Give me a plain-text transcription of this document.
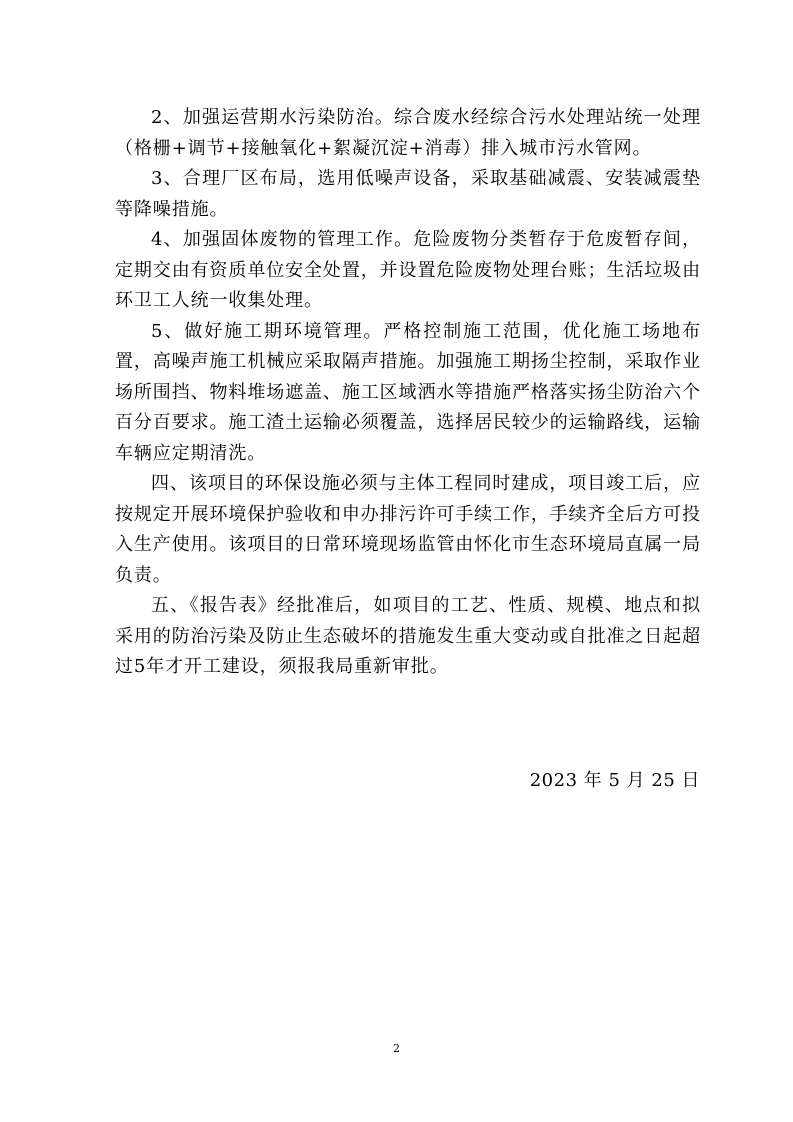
2、加强运营期水污染防治。综合废水经综合污水处理站统一处理（格栅+调节+接触氧化+絮凝沉淀+消毒）排入城市污水管网。

3、合理厂区布局，选用低噪声设备，采取基础减震、安装减震垫等降噪措施。

4、加强固体废物的管理工作。危险废物分类暂存于危废暂存间，定期交由有资质单位安全处置，并设置危险废物处理台账；生活垃圾由环卫工人统一收集处理。

5、做好施工期环境管理。严格控制施工范围，优化施工场地布置，高噪声施工机械应采取隔声措施。加强施工期扬尘控制，采取作业场所围挡、物料堆场遮盖、施工区域洒水等措施严格落实扬尘防治六个百分百要求。施工渣土运输必须覆盖，选择居民较少的运输路线，运输车辆应定期清洗。

四、该项目的环保设施必须与主体工程同时建成，项目竣工后，应按规定开展环境保护验收和申办排污许可手续工作，手续齐全后方可投入生产使用。该项目的日常环境现场监管由怀化市生态环境局直属一局负责。

五、《报告表》经批准后，如项目的工艺、性质、规模、地点和拟采用的防治污染及防止生态破坏的措施发生重大变动或自批准之日起超过5年才开工建设，须报我局重新审批。

2023 年 5 月 25 日
2
